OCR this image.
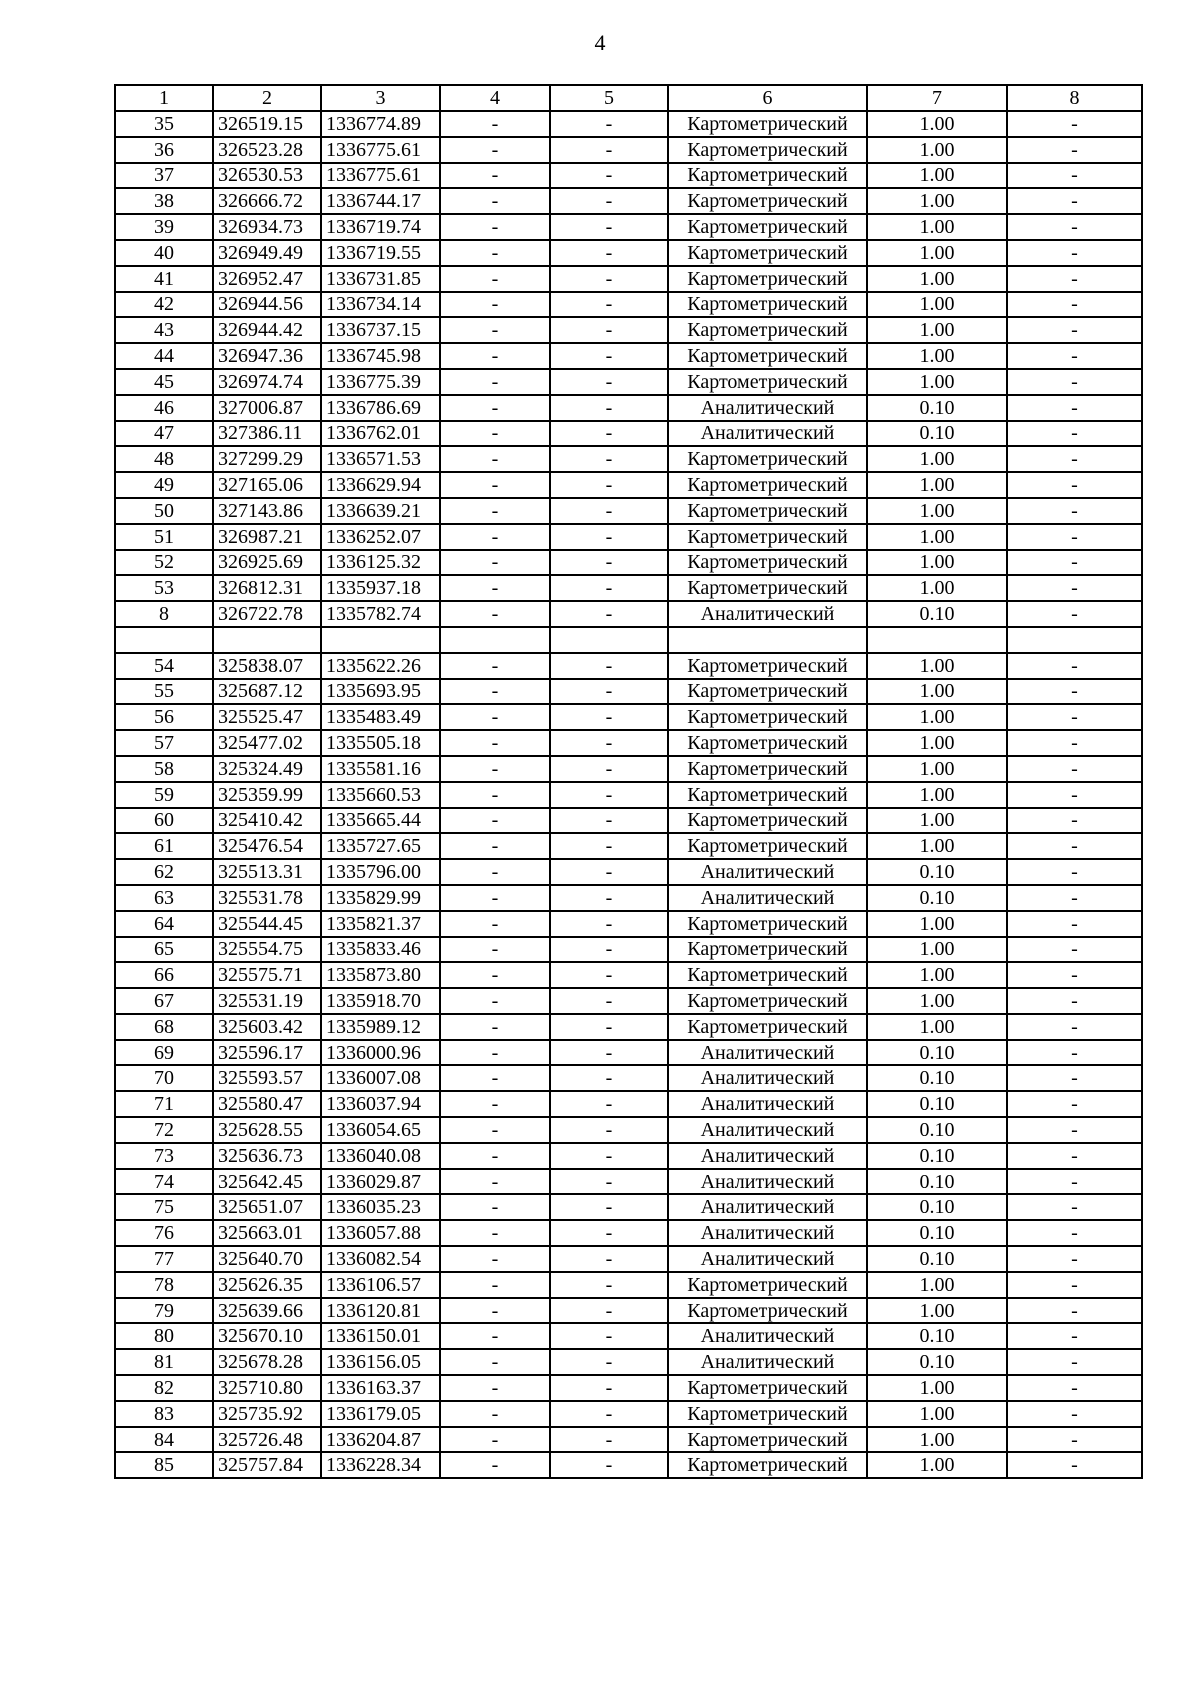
4
1	2	3	4	5	6	7	8
35	326519.15	1336774.89	-	-	Картометрический	1.00	-
36	326523.28	1336775.61	-	-	Картометрический	1.00	-
37	326530.53	1336775.61	-	-	Картометрический	1.00	-
38	326666.72	1336744.17	-	-	Картометрический	1.00	-
39	326934.73	1336719.74	-	-	Картометрический	1.00	-
40	326949.49	1336719.55	-	-	Картометрический	1.00	-
41	326952.47	1336731.85	-	-	Картометрический	1.00	-
42	326944.56	1336734.14	-	-	Картометрический	1.00	-
43	326944.42	1336737.15	-	-	Картометрический	1.00	-
44	326947.36	1336745.98	-	-	Картометрический	1.00	-
45	326974.74	1336775.39	-	-	Картометрический	1.00	-
46	327006.87	1336786.69	-	-	Аналитический	0.10	-
47	327386.11	1336762.01	-	-	Аналитический	0.10	-
48	327299.29	1336571.53	-	-	Картометрический	1.00	-
49	327165.06	1336629.94	-	-	Картометрический	1.00	-
50	327143.86	1336639.21	-	-	Картометрический	1.00	-
51	326987.21	1336252.07	-	-	Картометрический	1.00	-
52	326925.69	1336125.32	-	-	Картометрический	1.00	-
53	326812.31	1335937.18	-	-	Картометрический	1.00	-
8	326722.78	1335782.74	-	-	Аналитический	0.10	-

54	325838.07	1335622.26	-	-	Картометрический	1.00	-
55	325687.12	1335693.95	-	-	Картометрический	1.00	-
56	325525.47	1335483.49	-	-	Картометрический	1.00	-
57	325477.02	1335505.18	-	-	Картометрический	1.00	-
58	325324.49	1335581.16	-	-	Картометрический	1.00	-
59	325359.99	1335660.53	-	-	Картометрический	1.00	-
60	325410.42	1335665.44	-	-	Картометрический	1.00	-
61	325476.54	1335727.65	-	-	Картометрический	1.00	-
62	325513.31	1335796.00	-	-	Аналитический	0.10	-
63	325531.78	1335829.99	-	-	Аналитический	0.10	-
64	325544.45	1335821.37	-	-	Картометрический	1.00	-
65	325554.75	1335833.46	-	-	Картометрический	1.00	-
66	325575.71	1335873.80	-	-	Картометрический	1.00	-
67	325531.19	1335918.70	-	-	Картометрический	1.00	-
68	325603.42	1335989.12	-	-	Картометрический	1.00	-
69	325596.17	1336000.96	-	-	Аналитический	0.10	-
70	325593.57	1336007.08	-	-	Аналитический	0.10	-
71	325580.47	1336037.94	-	-	Аналитический	0.10	-
72	325628.55	1336054.65	-	-	Аналитический	0.10	-
73	325636.73	1336040.08	-	-	Аналитический	0.10	-
74	325642.45	1336029.87	-	-	Аналитический	0.10	-
75	325651.07	1336035.23	-	-	Аналитический	0.10	-
76	325663.01	1336057.88	-	-	Аналитический	0.10	-
77	325640.70	1336082.54	-	-	Аналитический	0.10	-
78	325626.35	1336106.57	-	-	Картометрический	1.00	-
79	325639.66	1336120.81	-	-	Картометрический	1.00	-
80	325670.10	1336150.01	-	-	Аналитический	0.10	-
81	325678.28	1336156.05	-	-	Аналитический	0.10	-
82	325710.80	1336163.37	-	-	Картометрический	1.00	-
83	325735.92	1336179.05	-	-	Картометрический	1.00	-
84	325726.48	1336204.87	-	-	Картометрический	1.00	-
85	325757.84	1336228.34	-	-	Картометрический	1.00	-
